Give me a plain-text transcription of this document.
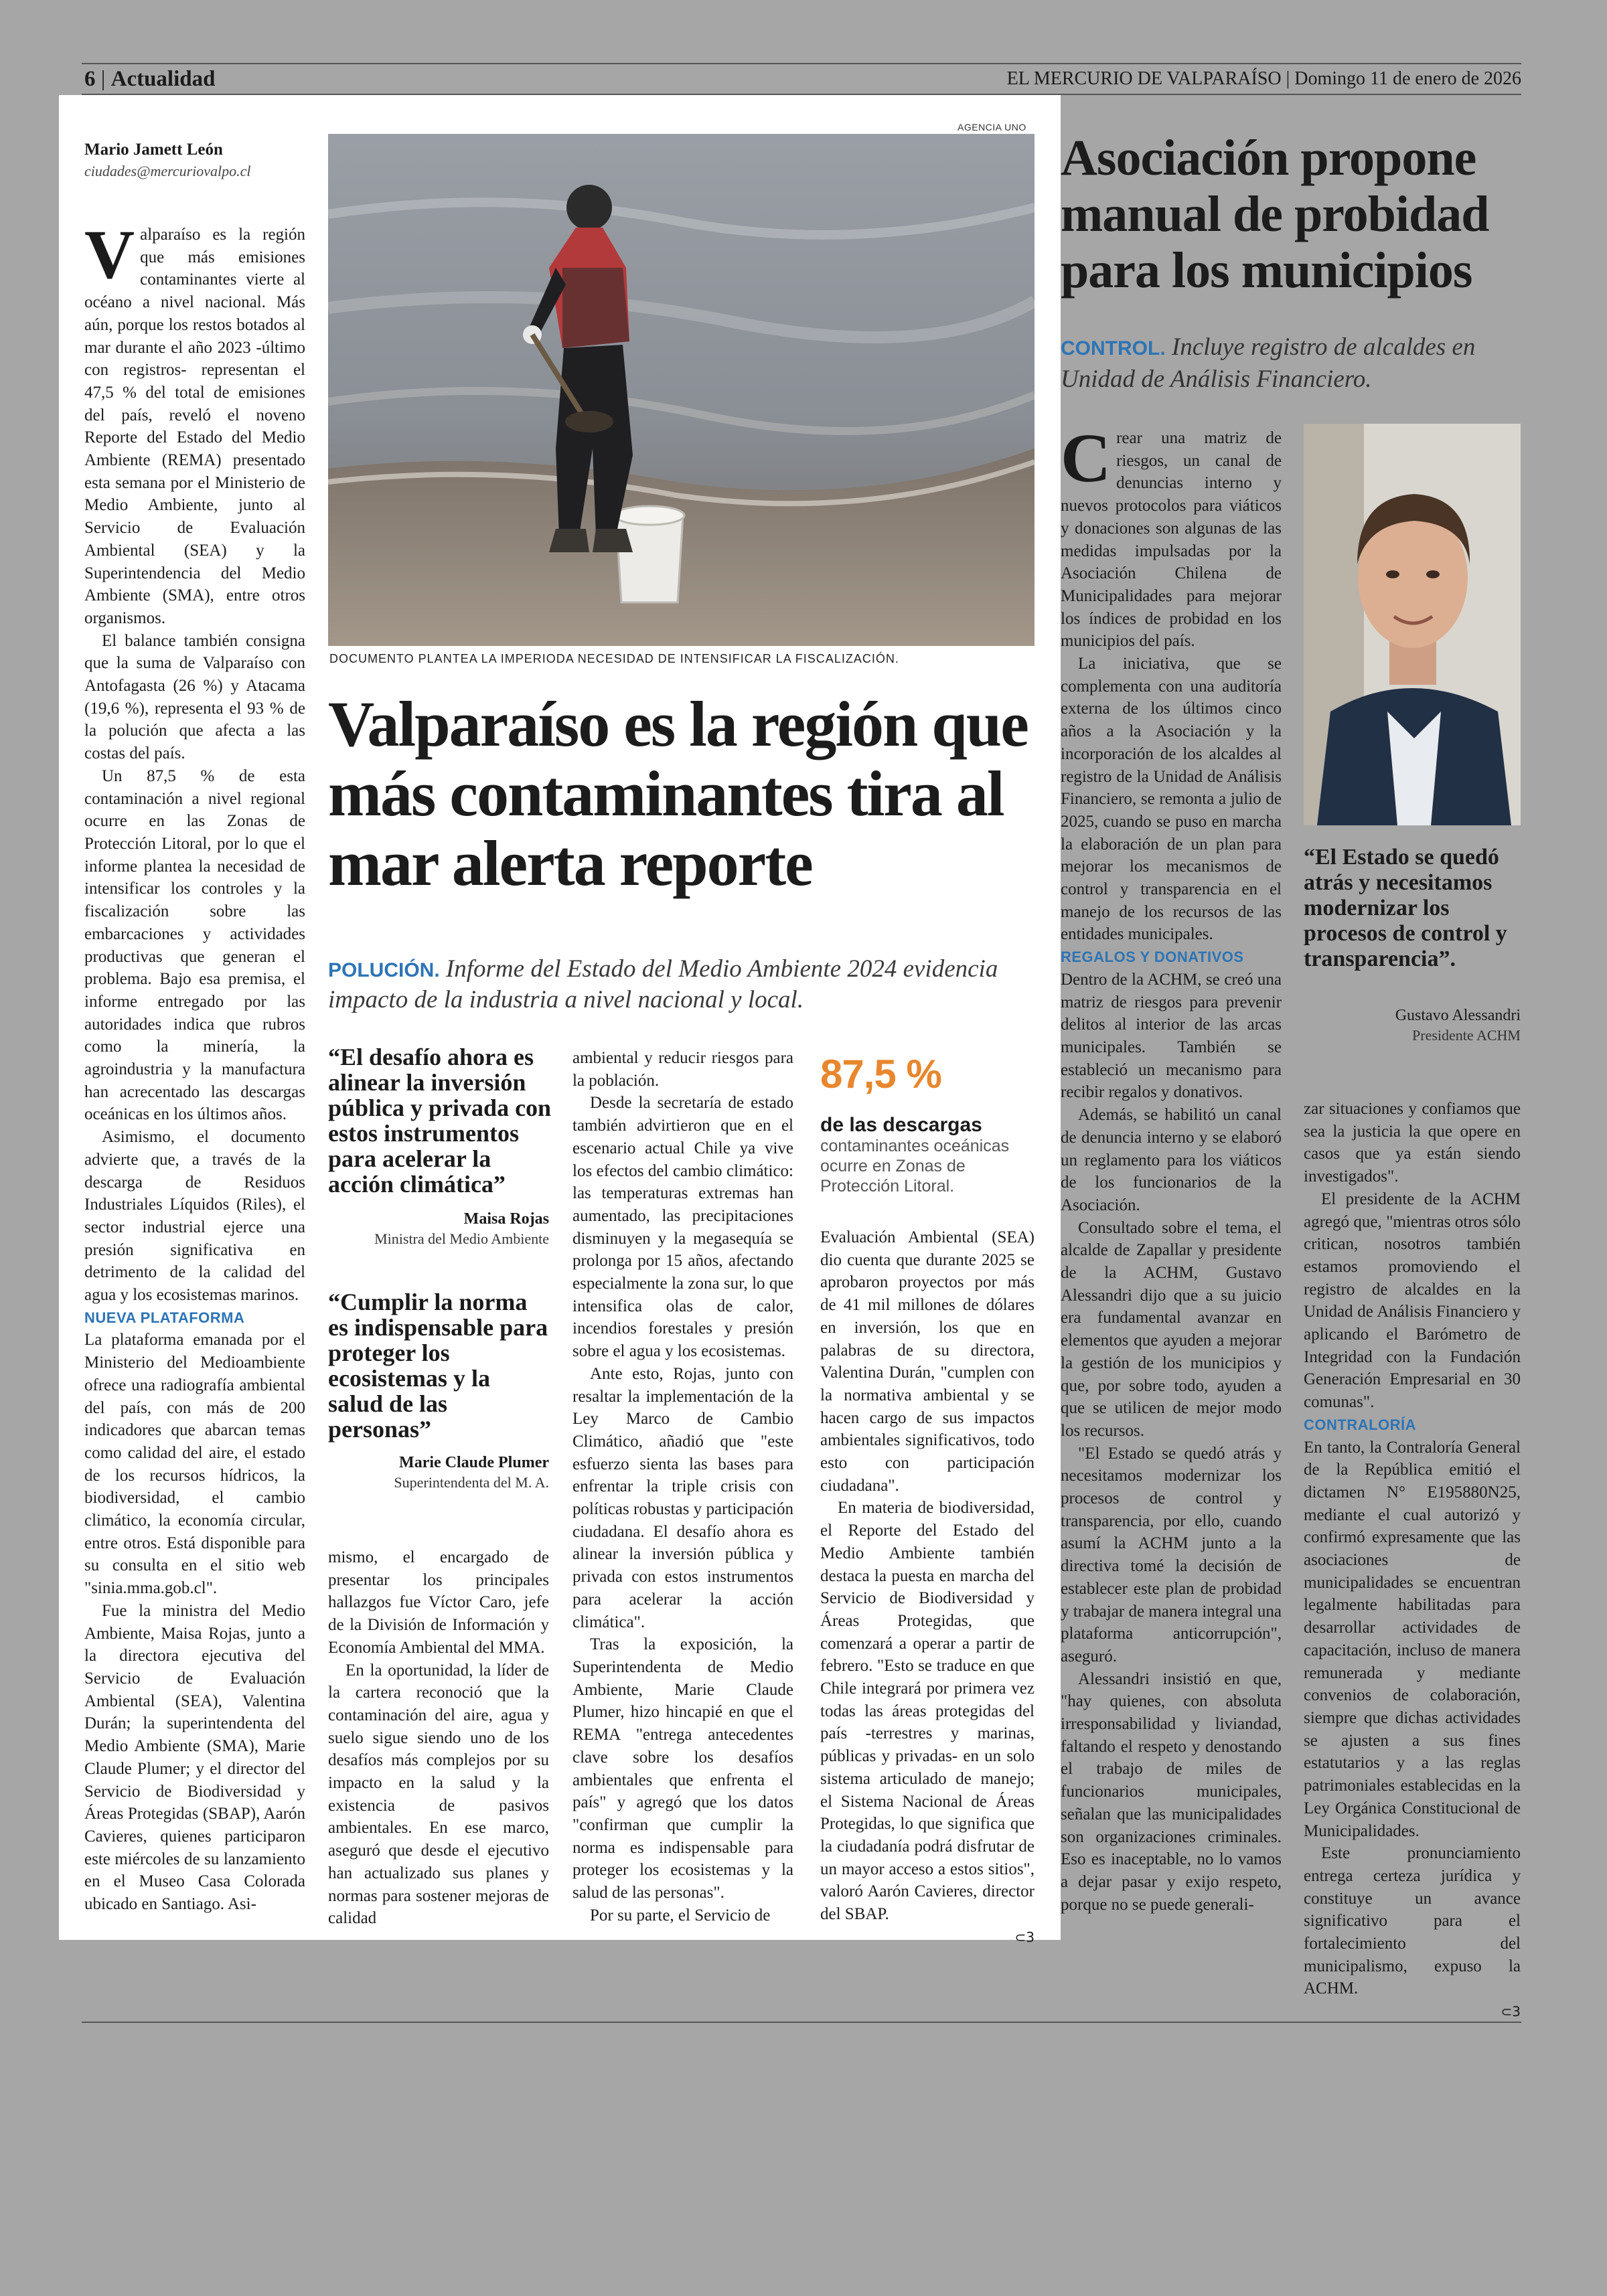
6 | Actualidad	EL MERCURIO DE VALPARAÍSO | Domingo 11 de enero de 2026
Mario Jamett León
ciudades@mercuriovalpo.cl
AGENCIA UNO
DOCUMENTO PLANTEA LA IMPERIODA NECESIDAD DE INTENSIFICAR LA FISCALIZACIÓN.
Valparaíso es la región que más contaminantes tira al mar alerta reporte
POLUCIÓN. Informe del Estado del Medio Ambiente 2024 evidencia impacto de la industria a nivel nacional y local.

Valparaíso es la región que más emisiones contaminantes vierte al océano a nivel nacional. Más aún, porque los restos botados al mar durante el año 2023 -último con registros- representan el 47,5 % del total de emisiones del país, reveló el noveno Reporte del Estado del Medio Ambiente (REMA) presentado esta semana por el Ministerio de Medio Ambiente, junto al Servicio de Evaluación Ambiental (SEA) y la Superintendencia del Medio Ambiente (SMA), entre otros organismos.

El balance también consigna que la suma de Valparaíso con Antofagasta (26 %) y Atacama (19,6 %), representa el 93 % de la polución que afecta a las costas del país.

Un 87,5 % de esta contaminación a nivel regional ocurre en las Zonas de Protección Litoral, por lo que el informe plantea la necesidad de intensificar los controles y la fiscalización sobre las embarcaciones y actividades productivas que generan el problema. Bajo esa premisa, el informe entregado por las autoridades indica que rubros como la minería, la agroindustria y la manufactura han acrecentado las descargas oceánicas en los últimos años.

Asimismo, el documento advierte que, a través de la descarga de Residuos Industriales Líquidos (Riles), el sector industrial ejerce una presión significativa en detrimento de la calidad del agua y los ecosistemas marinos.

NUEVA PLATAFORMA

La plataforma emanada por el Ministerio del Medioambiente ofrece una radiografía ambiental del país, con más de 200 indicadores que abarcan temas como calidad del aire, el estado de los recursos hídricos, la biodiversidad, el cambio climático, la economía circular, entre otros. Está disponible para su consulta en el sitio web "sinia.mma.gob.cl".

Fue la ministra del Medio Ambiente, Maisa Rojas, junto a la directora ejecutiva del Servicio de Evaluación Ambiental (SEA), Valentina Durán; la superintendenta del Medio Ambiente (SMA), Marie Claude Plumer; y el director del Servicio de Biodiversidad y Áreas Protegidas (SBAP), Aarón Cavieres, quienes participaron este miércoles de su lanzamiento en el Museo Casa Colorada ubicado en Santiago. Asi-

“El desafío ahora es alinear la inversión pública y privada con estos instrumentos para acelerar la acción climática”
Maisa Rojas
Ministra del Medio Ambiente
“Cumplir la norma es indispensable para proteger los ecosistemas y la salud de las personas”
Marie Claude Plumer
Superintendenta del M. A.

mismo, el encargado de presentar los principales hallazgos fue Víctor Caro, jefe de la División de Información y Economía Ambiental del MMA.

En la oportunidad, la líder de la cartera reconoció que la contaminación del aire, agua y suelo sigue siendo uno de los desafíos más complejos por su impacto en la salud y la existencia de pasivos ambientales. En ese marco, aseguró que desde el ejecutivo han actualizado sus planes y normas para sostener mejoras de calidad

ambiental y reducir riesgos para la población.

Desde la secretaría de estado también advirtieron que en el escenario actual Chile ya vive los efectos del cambio climático: las temperaturas extremas han aumentado, las precipitaciones disminuyen y la megasequía se prolonga por 15 años, afectando especialmente la zona sur, lo que intensifica olas de calor, incendios forestales y presión sobre el agua y los ecosistemas.

Ante esto, Rojas, junto con resaltar la implementación de la Ley Marco de Cambio Climático, añadió que "este esfuerzo sienta las bases para enfrentar la triple crisis con políticas robustas y participación ciudadana. El desafío ahora es alinear la inversión pública y privada con estos instrumentos para acelerar la acción climática".

Tras la exposición, la Superintendenta de Medio Ambiente, Marie Claude Plumer, hizo hincapié en que el REMA "entrega antecedentes clave sobre los desafíos ambientales que enfrenta el país" y agregó que los datos "confirman que cumplir la norma es indispensable para proteger los ecosistemas y la salud de las personas".

Por su parte, el Servicio de

87,5 %
de las descargas contaminantes oceánicas ocurre en Zonas de Protección Litoral.

Evaluación Ambiental (SEA) dio cuenta que durante 2025 se aprobaron proyectos por más de 41 mil millones de dólares en inversión, los que en palabras de su directora, Valentina Durán, "cumplen con la normativa ambiental y se hacen cargo de sus impactos ambientales significativos, todo esto con participación ciudadana".

En materia de biodiversidad, el Reporte del Estado del Medio Ambiente también destaca la puesta en marcha del Servicio de Biodiversidad y Áreas Protegidas, que comenzará a operar a partir de febrero. "Esto se traduce en que Chile integrará por primera vez todas las áreas protegidas del país -terrestres y marinas, públicas y privadas- en un solo sistema articulado de manejo; el Sistema Nacional de Áreas Protegidas, lo que significa que la ciudadanía podrá disfrutar de un mayor acceso a estos sitios", valoró Aarón Cavieres, director del SBAP.

⊂3

Asociación propone manual de probidad para los municipios
CONTROL. Incluye registro de alcaldes en Unidad de Análisis Financiero.

Crear una matriz de riesgos, un canal de denuncias interno y nuevos protocolos para viáticos y donaciones son algunas de las medidas impulsadas por la Asociación Chilena de Municipalidades para mejorar los índices de probidad en los municipios del país.

La iniciativa, que se complementa con una auditoría externa de los últimos cinco años a la Asociación y la incorporación de los alcaldes al registro de la Unidad de Análisis Financiero, se remonta a julio de 2025, cuando se puso en marcha la elaboración de un plan para mejorar los mecanismos de control y transparencia en el manejo de los recursos de las entidades municipales.

REGALOS Y DONATIVOS

Dentro de la ACHM, se creó una matriz de riesgos para prevenir delitos al interior de las arcas municipales. También se estableció un mecanismo para recibir regalos y donativos.

Además, se habilitó un canal de denuncia interno y se elaboró un reglamento para los viáticos de los funcionarios de la Asociación.

Consultado sobre el tema, el alcalde de Zapallar y presidente de la ACHM, Gustavo Alessandri dijo que a su juicio era fundamental avanzar en elementos que ayuden a mejorar la gestión de los municipios y que, por sobre todo, ayuden a que se utilicen de mejor modo los recursos.

"El Estado se quedó atrás y necesitamos modernizar los procesos de control y transparencia, por ello, cuando asumí la ACHM junto a la directiva tomé la decisión de establecer este plan de probidad y trabajar de manera integral una plataforma anticorrupción", aseguró.

Alessandri insistió en que, "hay quienes, con absoluta irresponsabilidad y liviandad, faltando el respeto y denostando el trabajo de miles de funcionarios municipales, señalan que las municipalidades son organizaciones criminales. Eso es inaceptable, no lo vamos a dejar pasar y exijo respeto, porque no se puede generali-

“El Estado se quedó atrás y necesitamos modernizar los procesos de control y transparencia”.
Gustavo Alessandri
Presidente ACHM

zar situaciones y confiamos que sea la justicia la que opere en casos que ya están siendo investigados".

El presidente de la ACHM agregó que, "mientras otros sólo critican, nosotros también estamos promoviendo el registro de alcaldes en la Unidad de Análisis Financiero y aplicando el Barómetro de Integridad con la Fundación Generación Empresarial en 30 comunas".

CONTRALORÍA

En tanto, la Contraloría General de la República emitió el dictamen N° E195880N25, mediante el cual autorizó y confirmó expresamente que las asociaciones de municipalidades se encuentran legalmente habilitadas para desarrollar actividades de capacitación, incluso de manera remunerada y mediante convenios de colaboración, siempre que dichas actividades se ajusten a sus fines estatutarios y a las reglas patrimoniales establecidas en la Ley Orgánica Constitucional de Municipalidades.

Este pronunciamiento entrega certeza jurídica y constituye un avance significativo para el fortalecimiento del municipalismo, expuso la ACHM.

⊂3
